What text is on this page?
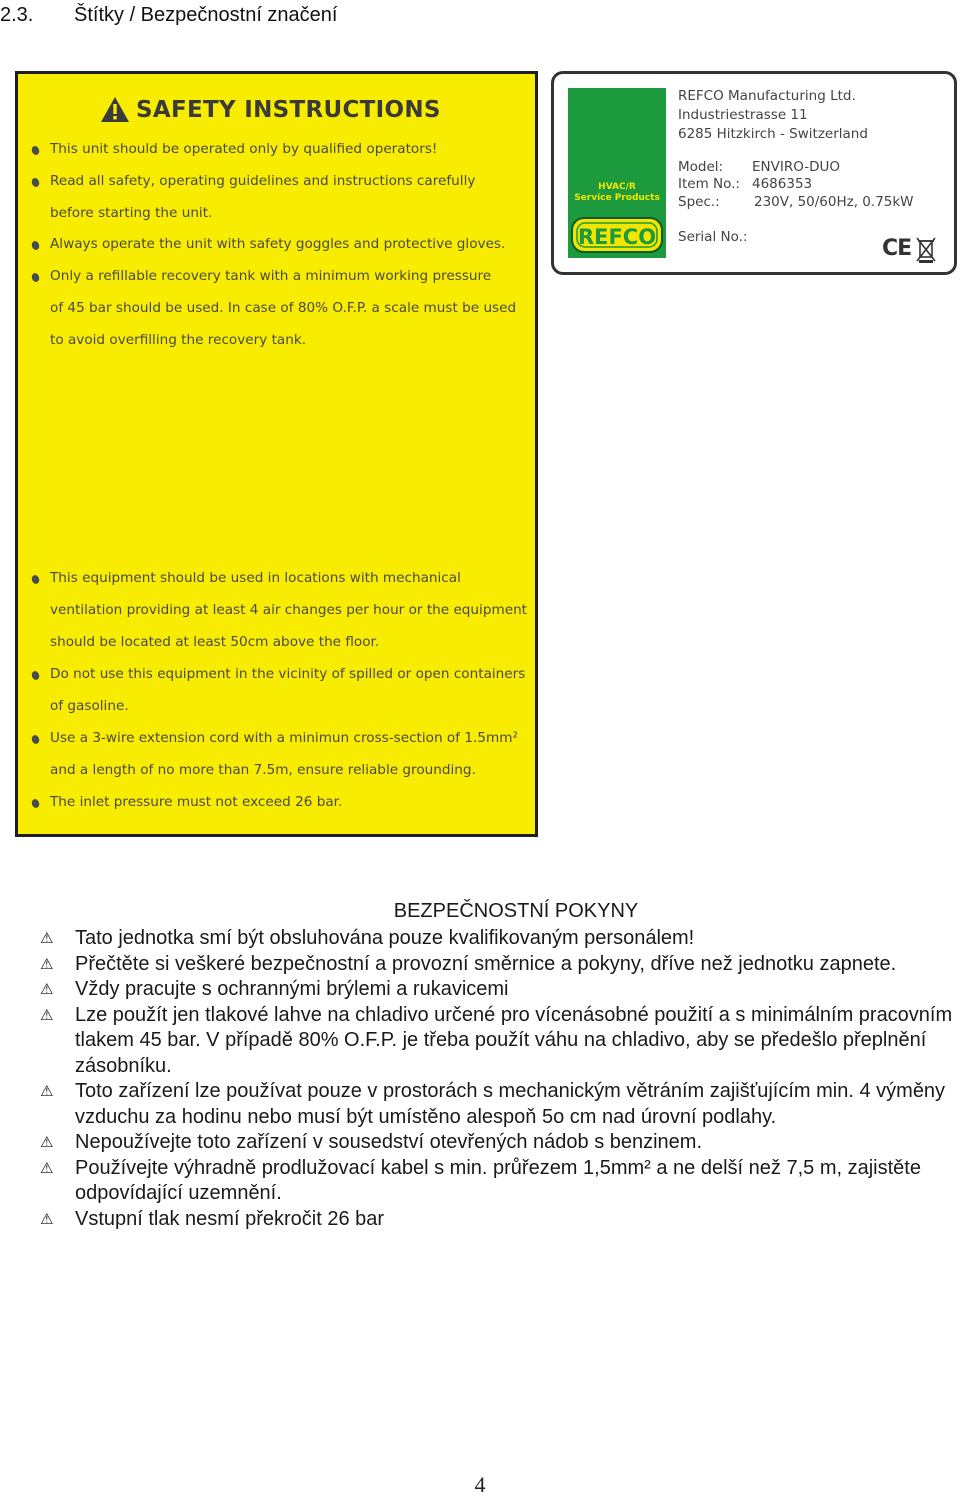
2.3. Štítky / Bezpečnostní značení
SAFETY INSTRUCTIONS
This unit should be operated only by qualified operators!
Read all safety, operating guidelines and instructions carefully
before starting the unit.
Always operate the unit with safety goggles and protective gloves.
Only a refillable recovery tank with a minimum working pressure
of 45 bar should be used. In case of 80% O.F.P. a scale must be used
to avoid overfilling the recovery tank.
This equipment should be used in locations with mechanical
ventilation providing at least 4 air changes per hour or the equipment
should be located at least 50cm above the floor.
Do not use this equipment in the vicinity of spilled or open containers
of gasoline.
Use a 3-wire extension cord with a minimun cross-section of 1.5mm²
and a length of no more than 7.5m, ensure reliable grounding.
The inlet pressure must not exceed 26 bar.
HVAC/R
Service Products
REFCO
REFCO Manufacturing Ltd.
Industriestrasse 11
6285 Hitzkirch - Switzerland
Model: ENVIRO-DUO
Item No.: 4686353
Spec.:	230V, 50/60Hz, 0.75kW
Serial No.:	CE
BEZPEČNOSTNÍ POKYNY
⚠ Tato jednotka smí být obsluhována pouze kvalifikovaným personálem!
⚠ Přečtěte si veškeré bezpečnostní a provozní směrnice a pokyny, dříve než jednotku zapnete.
⚠ Vždy pracujte s ochrannými brýlemi a rukavicemi
⚠ Lze použít jen tlakové lahve na chladivo určené pro vícenásobné použití a s minimálním pracovním tlakem 45 bar. V případě 80% O.F.P. je třeba použít váhu na chladivo, aby se předešlo přeplnění zásobníku.
⚠ Toto zařízení lze používat pouze v prostorách s mechanickým větráním zajišťujícím min. 4 výměny vzduchu za hodinu nebo musí být umístěno alespoň 5o cm nad úrovní podlahy.
⚠ Nepoužívejte toto zařízení v sousedství otevřených nádob s benzinem.
⚠ Používejte výhradně prodlužovací kabel s min. průřezem 1,5mm² a ne delší než 7,5 m, zajistěte odpovídající uzemnění.
⚠ Vstupní tlak nesmí překročit 26 bar
4
